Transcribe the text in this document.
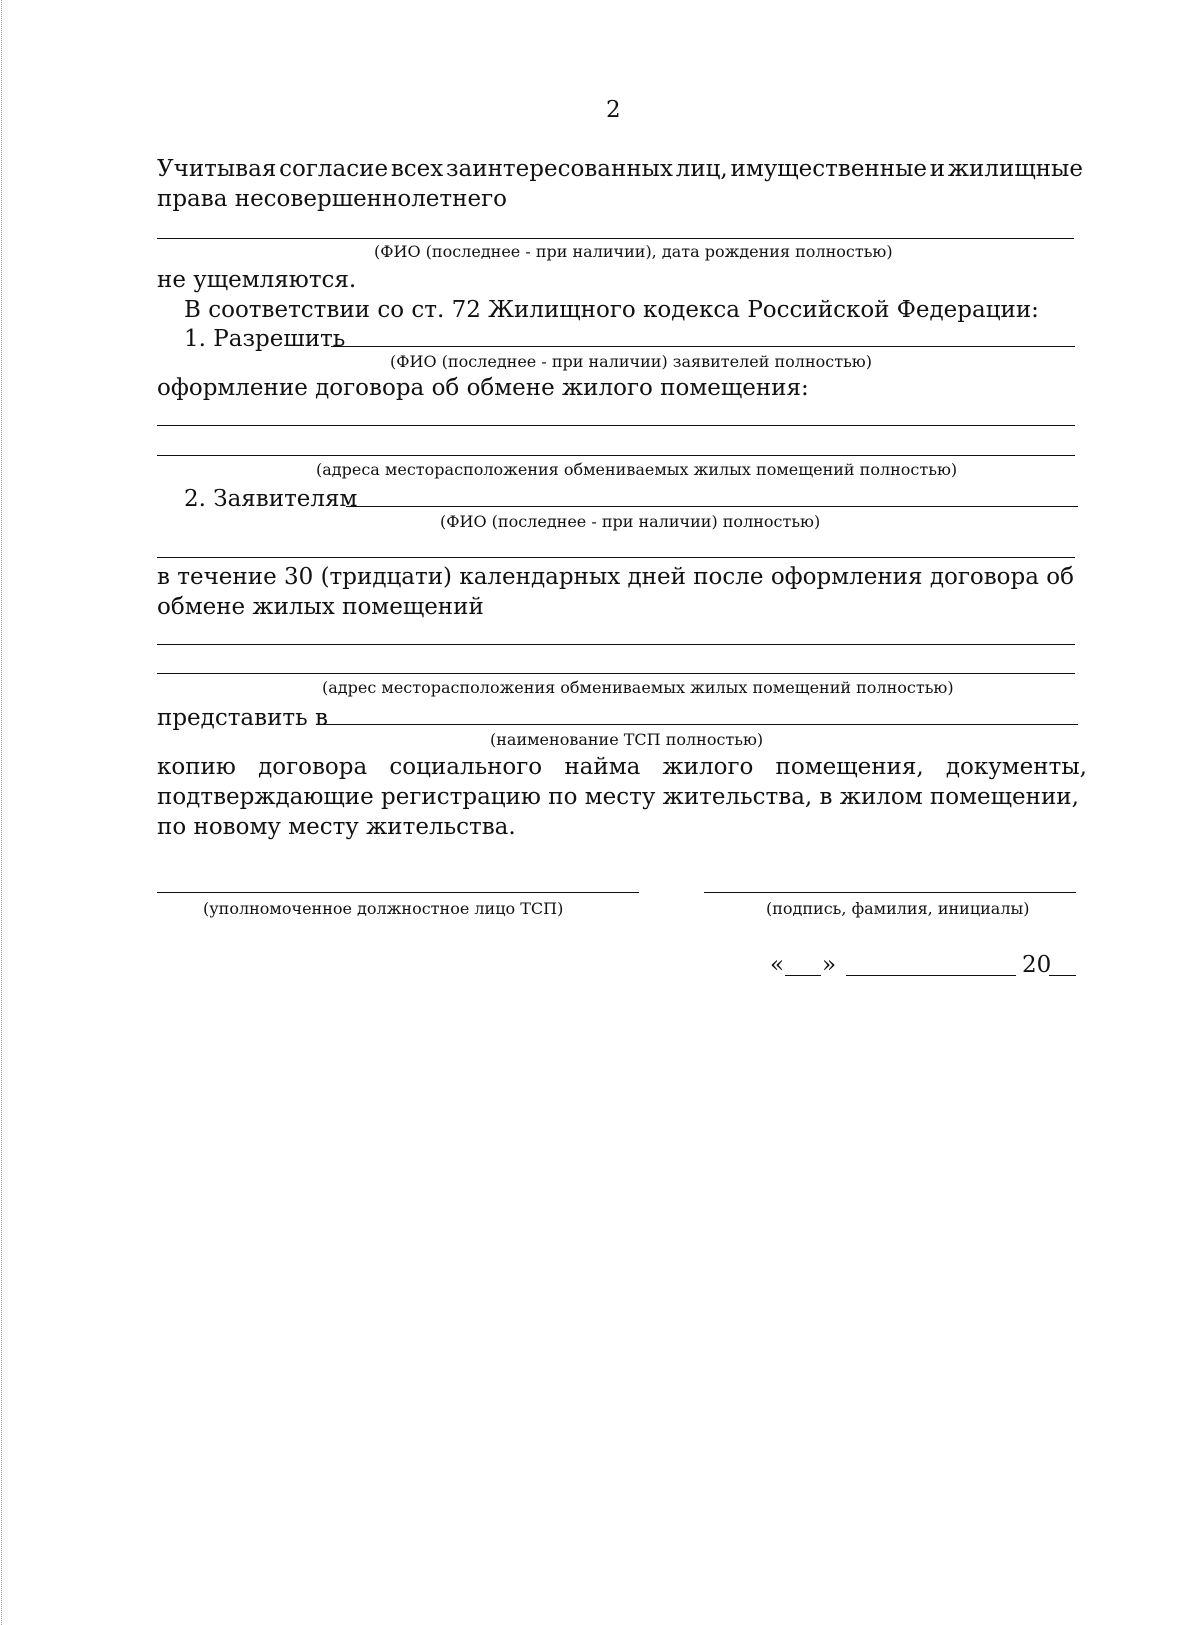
2
Учитывая согласие всех заинтересованных лиц, имущественные и жилищные
права несовершеннолетнего
(ФИО (последнее - при наличии), дата рождения полностью)
не ущемляются.
В соответствии со ст. 72 Жилищного кодекса Российской Федерации:
1. Разрешить
(ФИО (последнее - при наличии) заявителей полностью)
оформление договора об обмене жилого помещения:
(адреса месторасположения обмениваемых жилых помещений полностью)
2. Заявителям
(ФИО (последнее - при наличии) полностью)
в течение 30 (тридцати) календарных дней после оформления договора об
обмене жилых помещений
(адрес месторасположения обмениваемых жилых помещений полностью)
представить в
(наименование ТСП полностью)
копию договора социального найма жилого помещения, документы,
подтверждающие регистрацию по месту жительства, в жилом помещении,
по новому месту жительства.
(уполномоченное должностное лицо ТСП)	(подпись, фамилия, инициалы)
« »	20
